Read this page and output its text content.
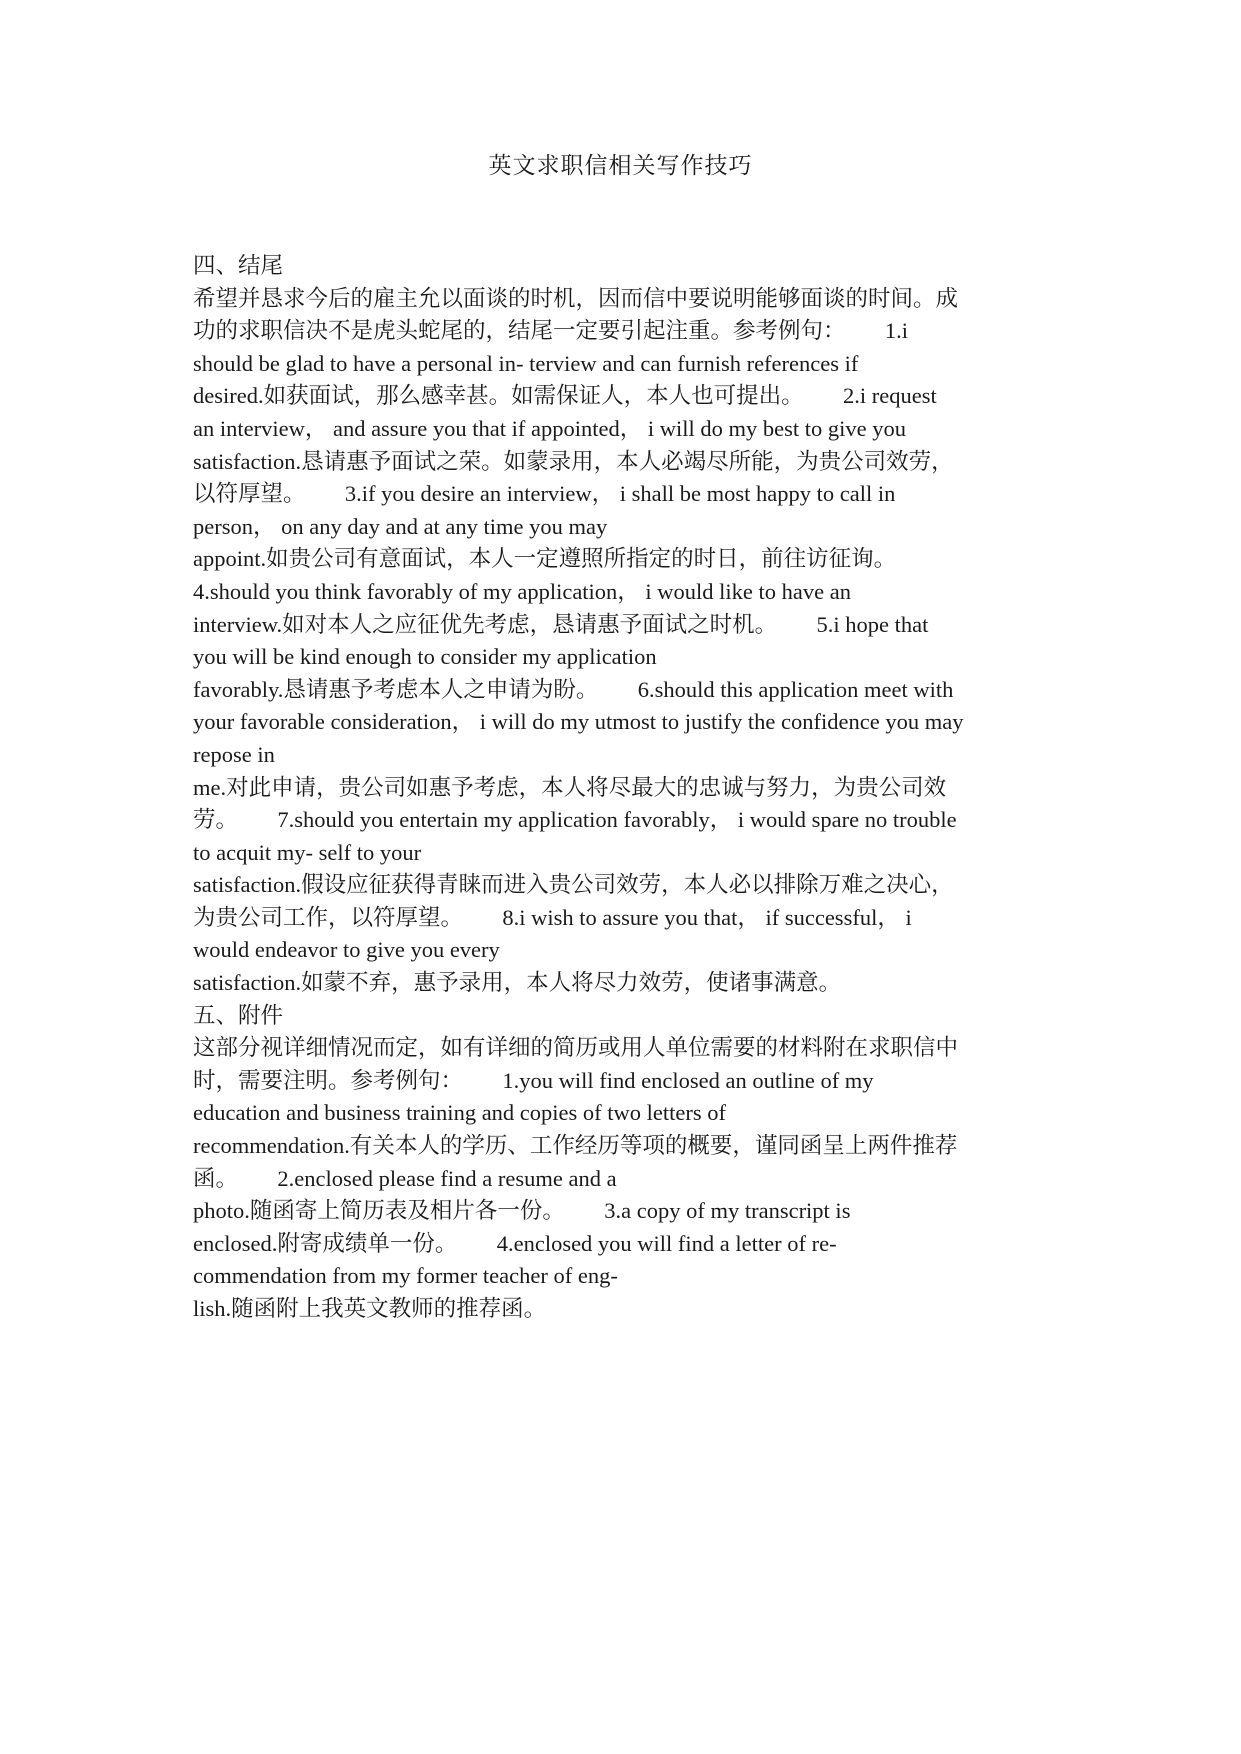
英文求职信相关写作技巧
四、结尾
希望并恳求今后的雇主允以面谈的时机，因而信中要说明能够面谈的时间。成
功的求职信决不是虎头蛇尾的，结尾一定要引起注重。参考例句：       1.i
should be glad to have a personal in- terview and can furnish references if
desired.如获面试，那么感幸甚。如需保证人，本人也可提出。       2.i request
an interview， and assure you that if appointed， i will do my best to give you
satisfaction.恳请惠予面试之荣。如蒙录用，本人必竭尽所能，为贵公司效劳，
以符厚望。       3.if you desire an interview， i shall be most happy to call in
person， on any day and at any time you may
appoint.如贵公司有意面试，本人一定遵照所指定的时日，前往访征询。
4.should you think favorably of my application， i would like to have an
interview.如对本人之应征优先考虑，恳请惠予面试之时机。       5.i hope that
you will be kind enough to consider my application
favorably.恳请惠予考虑本人之申请为盼。       6.should this application meet with
your favorable consideration， i will do my utmost to justify the confidence you may
repose in
me.对此申请，贵公司如惠予考虑，本人将尽最大的忠诚与努力，为贵公司效
劳。       7.should you entertain my application favorably， i would spare no trouble
to acquit my- self to your
satisfaction.假设应征获得青睐而进入贵公司效劳，本人必以排除万难之决心，
为贵公司工作，以符厚望。       8.i wish to assure you that， if successful， i
would endeavor to give you every
satisfaction.如蒙不弃，惠予录用，本人将尽力效劳，使诸事满意。
五、附件
这部分视详细情况而定，如有详细的简历或用人单位需要的材料附在求职信中
时，需要注明。参考例句：       1.you will find enclosed an outline of my
education and business training and copies of two letters of
recommendation.有关本人的学历、工作经历等项的概要，谨同函呈上两件推荐
函。       2.enclosed please find a resume and a
photo.随函寄上简历表及相片各一份。       3.a copy of my transcript is
enclosed.附寄成绩单一份。       4.enclosed you will find a letter of re-
commendation from my former teacher of eng-
lish.随函附上我英文教师的推荐函。
